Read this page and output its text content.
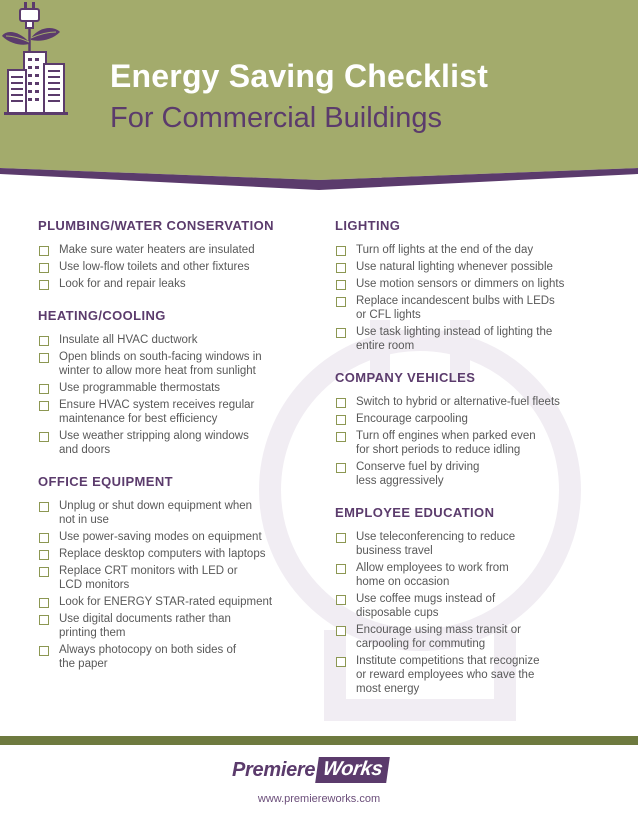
Energy Saving Checklist
For Commercial Buildings
PLUMBING/WATER CONSERVATION
Make sure water heaters are insulated
Use low-flow toilets and other fixtures
Look for and repair leaks
HEATING/COOLING
Insulate all HVAC ductwork
Open blinds on south-facing windows in
winter to allow more heat from sunlight
Use programmable thermostats
Ensure HVAC system receives regular
maintenance for best efficiency
Use weather stripping along windows
and doors
OFFICE EQUIPMENT
Unplug or shut down equipment when
not in use
Use power-saving modes on equipment
Replace desktop computers with laptops
Replace CRT monitors with LED or
LCD monitors
Look for ENERGY STAR-rated equipment
Use digital documents rather than
printing them
Always photocopy on both sides of
the paper
LIGHTING
Turn off lights at the end of the day
Use natural lighting whenever possible
Use motion sensors or dimmers on lights
Replace incandescent bulbs with LEDs
or CFL lights
Use task lighting instead of lighting the
entire room
COMPANY VEHICLES
Switch to hybrid or alternative-fuel fleets
Encourage carpooling
Turn off engines when parked even
for short periods to reduce idling
Conserve fuel by driving
less aggressively
EMPLOYEE EDUCATION
Use teleconferencing to reduce
business travel
Allow employees to work from
home on occasion
Use coffee mugs instead of
disposable cups
Encourage using mass transit or
carpooling for commuting
Institute competitions that recognize
or reward employees who save the
most energy
Premiere Works
www.premiereworks.com
